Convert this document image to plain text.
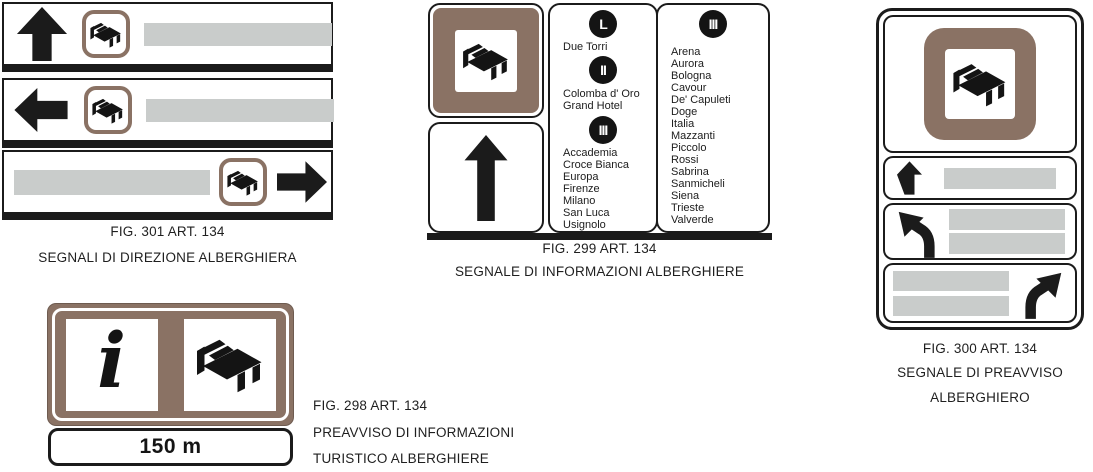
FIG. 301 ART. 134
SEGNALI DI DIREZIONE ALBERGHIERA
L
Due Torri
II
Colomba d' Oro
Grand Hotel
III
Accademia
Croce Bianca
Europa
Firenze
Milano
San Luca
Usignolo
III
Arena
Aurora
Bologna
Cavour
De' Capuleti
Doge
Italia
Mazzanti
Piccolo
Rossi
Sabrina
Sanmicheli
Siena
Trieste
Valverde
FIG. 299 ART. 134
SEGNALE DI INFORMAZIONI ALBERGHIERE
FIG. 300 ART. 134
SEGNALE DI PREAVVISO
ALBERGHIERO
i
150 m
FIG. 298 ART. 134
PREAVVISO DI INFORMAZIONI
TURISTICO ALBERGHIERE
